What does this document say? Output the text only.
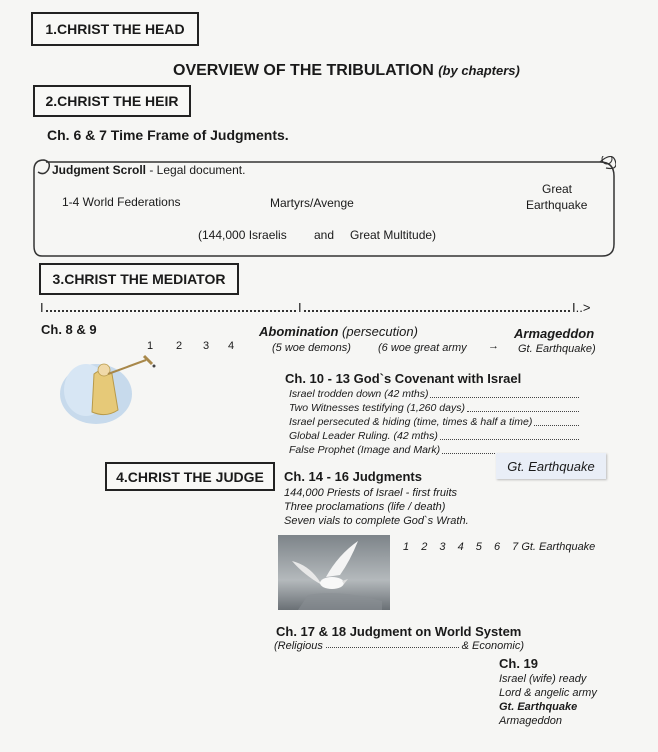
1.CHRIST THE HEAD
OVERVIEW OF THE TRIBULATION (by chapters)
2.CHRIST THE HEIR
Ch. 6 & 7 Time Frame of Judgments.
Judgment Scroll - Legal document.
1-4 World Federations	Martyrs/Avenge
Great
Earthquake
(144,000 Israelis and Great Multitude)
3.CHRIST THE MEDIATOR
I	I	I..>
Ch. 8 & 9
1 2 3 4
Abomination (persecution)	Armageddon
(5 woe demons) (6 woe great army → Gt. Earthquake)
Ch. 10 - 13 God`s Covenant with Israel
Israel trodden down (42 mths)
Two Witnesses testifying (1,260 days)
Israel persecuted & hiding (time, times & half a time)
Global Leader Ruling. (42 mths)
False Prophet (Image and Mark)
Gt. Earthquake
4.CHRIST THE JUDGE Ch. 14 - 16 Judgments
144,000 Priests of Israel - first fruits
Three proclamations (life / death)
Seven vials to complete God`s Wrath.
1 2 3 4 5 6 7 Gt. Earthquake
Ch. 17 & 18 Judgment on World System
(Religious	& Economic)
Ch. 19
Israel (wife) ready
Lord & angelic army
Gt. Earthquake
Armageddon
